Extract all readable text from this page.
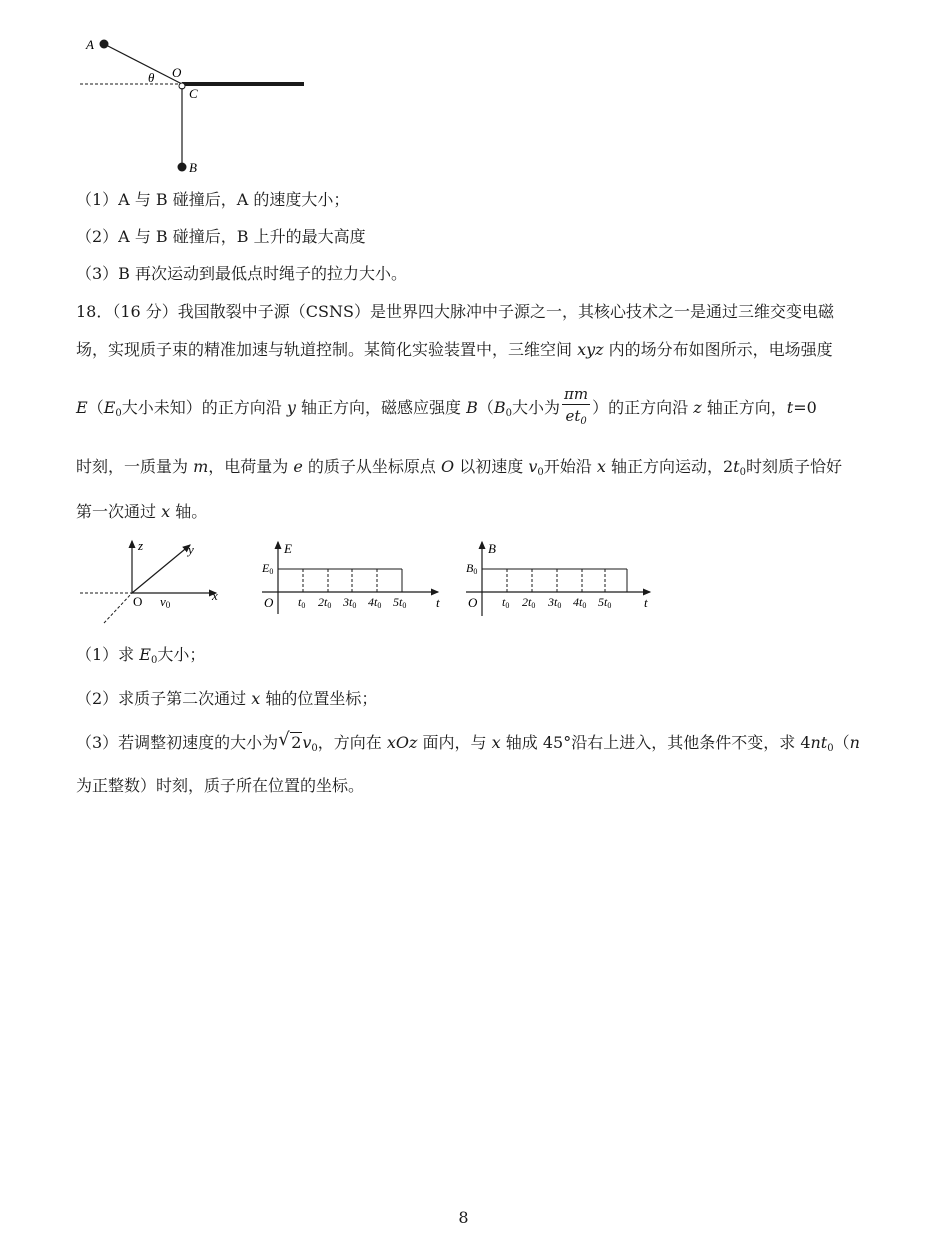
A
θ O
C
B
（1）A 与 B 碰撞后，A 的速度大小；
（2）A 与 B 碰撞后，B 上升的最大高度
（3）B 再次运动到最低点时绳子的拉力大小。
18．（16 分）我国散裂中子源（CSNS）是世界四大脉冲中子源之一，其核心技术之一是通过三维交变电磁
场，实现质子束的精准加速与轨道控制。某简化实验装置中，三维空间 xyz 内的场分布如图所示，电场强度
$E(E_0$大小未知）的正方向沿 y 轴正方向，磁感应强度 $B(B_0$大小为 $\frac{\pi m}{et_0}$ ）的正方向沿 z 轴正方向，t=0
时刻，一质量为 m，电荷量为 e 的质子从坐标原点 O 以初速度 $v_0$开始沿 x 轴正方向运动，$2t_0$时刻质子恰好
第一次通过 x 轴。
z	y
x
O v0
E
E0
O	t
t0 2t0 3t0 4t0 5t0
B
B0
O	t
t0 2t0 3t0 4t0 5t0
（1）求 $E_0$大小；
（2）求质子第二次通过 x 轴的位置坐标；
（3）若调整初速度的大小为 √ $2v_0$，方向在 xOz 面内，与 x 轴成 45°沿右上进入，其他条件不变，求 $4nt_0(n$
为正整数）时刻，质子所在位置的坐标。
8
